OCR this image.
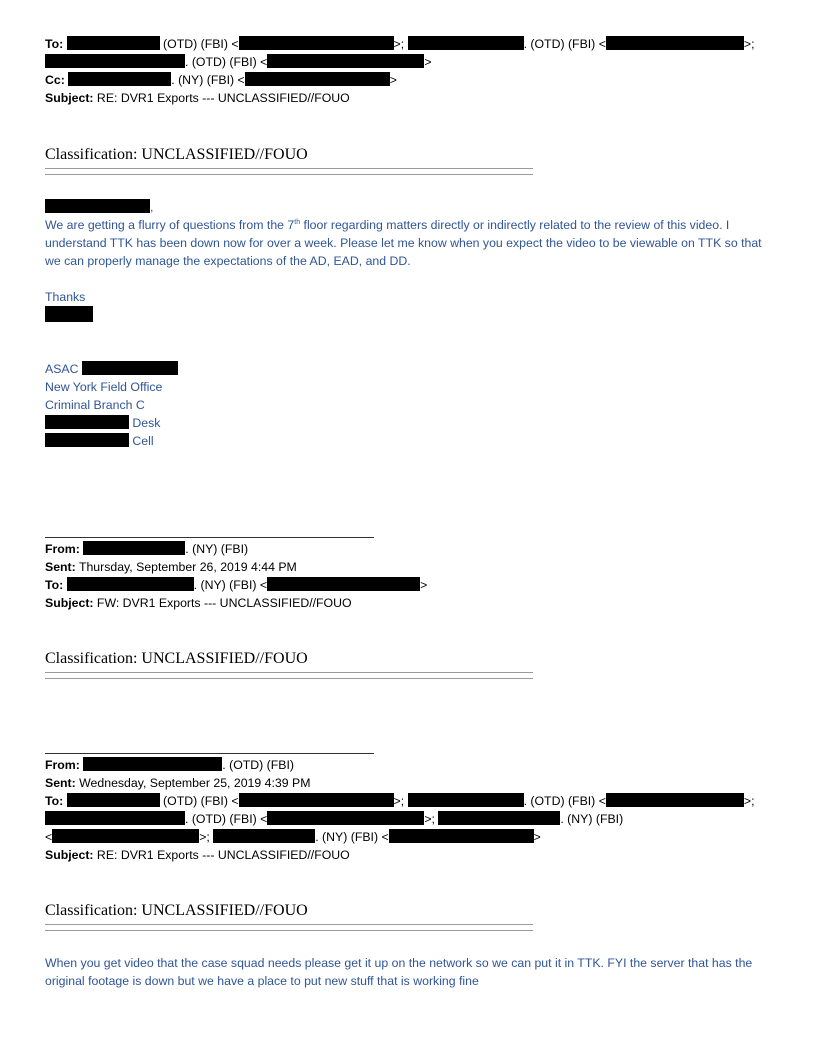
To:	(OTD) (FBI) <	>;	. (OTD) (FBI) <	>;
. (OTD) (FBI) <	>
Cc:	. (NY) (FBI) <	>
Subject: RE: DVR1 Exports --- UNCLASSIFIED//FOUO
Classification: UNCLASSIFIED//FOUO
,
We are getting a flurry of questions from the 7th floor regarding matters directly or indirectly related to the review of this video. I understand TTK has been down now for over a week. Please let me know when you expect the video to be viewable on TTK so that we can properly manage the expectations of the AD, EAD, and DD.
Thanks
ASAC
New York Field Office
Criminal Branch C
Desk
Cell
From:	. (NY) (FBI)
Sent: Thursday, September 26, 2019 4:44 PM
To:	. (NY) (FBI) <	>
Subject: FW: DVR1 Exports --- UNCLASSIFIED//FOUO
Classification: UNCLASSIFIED//FOUO
From:	. (OTD) (FBI)
Sent: Wednesday, September 25, 2019 4:39 PM
To:	(OTD) (FBI) <	>;	. (OTD) (FBI) <	>;
. (OTD) (FBI) <	>;	. (NY) (FBI)
<	>;	. (NY) (FBI) <	>
Subject: RE: DVR1 Exports --- UNCLASSIFIED//FOUO
Classification: UNCLASSIFIED//FOUO
When you get video that the case squad needs please get it up on the network so we can put it in TTK. FYI the server that has the original footage is down but we have a place to put new stuff that is working fine
